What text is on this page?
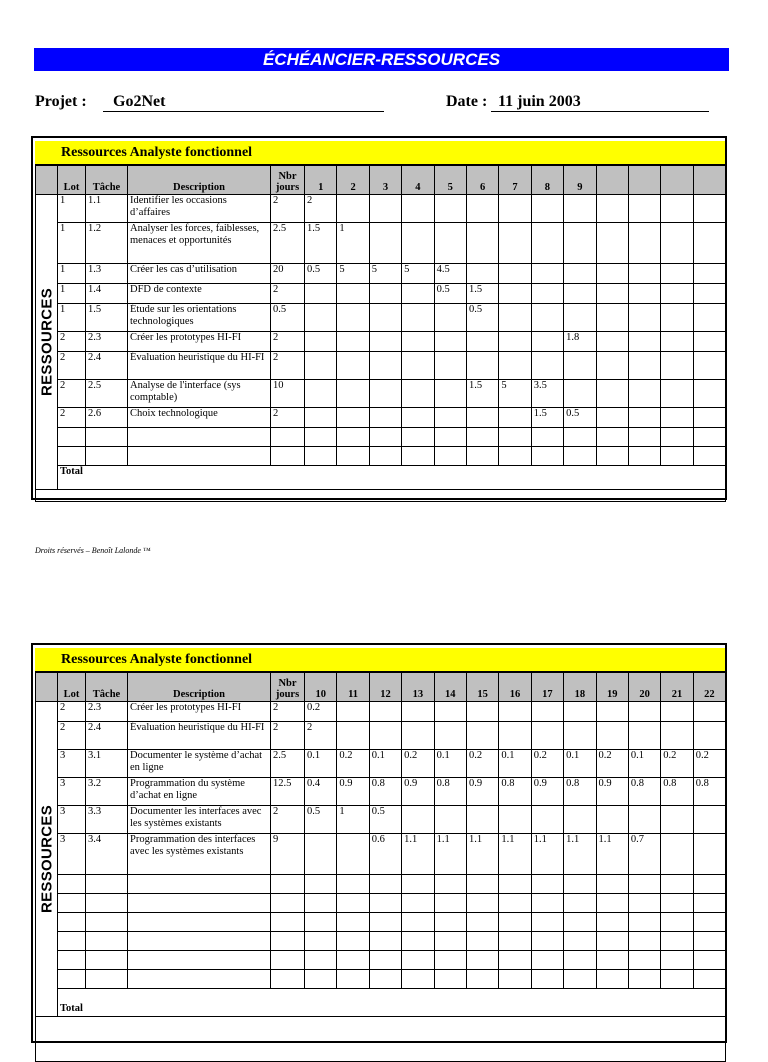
ÉCHÉANCIER-RESSOURCES
Projet :	Go2Net	Date : 11 juin 2003
Ressources Analyste fonctionnel
	Lot	Tâche	Description	Nbr jours	1	2	3	4	5	6	7	8	9				

RESSOURCES	1	1.1	Identifier les occasions d’affaires	2	2												
	1	1.2	Analyser les forces, faiblesses, menaces et opportunités	2.5	1.5	1											
	1	1.3	Créer les cas d’utilisation	20	0.5	5	5	5	4.5								
	1	1.4	DFD de contexte	2					0.5	1.5							
	1	1.5	Étude sur les orientations technologiques	0.5						0.5							
	2	2.3	Créer les prototypes HI-FI	2									1.8				
	2	2.4	Évaluation heuristique du HI-FI	2													
	2	2.5	Analyse de l'interface (sys comptable)	10						1.5	5	3.5					
	2	2.6	Choix technologique	2								1.5	0.5				

	Total																

Droits réservés – Benoît Lalonde ™
Ressources Analyste fonctionnel
	Lot	Tâche	Description	Nbr jours	10	11	12	13	14	15	16	17	18	19	20	21	22

RESSOURCES	2	2.3	Créer les prototypes HI-FI	2	0.2												
	2	2.4	Évaluation heuristique du HI-FI	2	2												
	3	3.1	Documenter le système d’achat en ligne	2.5	0.1	0.2	0.1	0.2	0.1	0.2	0.1	0.2	0.1	0.2	0.1	0.2	0.2
	3	3.2	Programmation du système d’achat en ligne	12.5	0.4	0.9	0.8	0.9	0.8	0.9	0.8	0.9	0.8	0.9	0.8	0.8	0.8
	3	3.3	Documenter les interfaces avec les systèmes existants	2	0.5	1	0.5										
	3	3.4	Programmation des interfaces avec les systèmes existants	9			0.6	1.1	1.1	1.1	1.1	1.1	1.1	1.1	0.7		

	Total																
